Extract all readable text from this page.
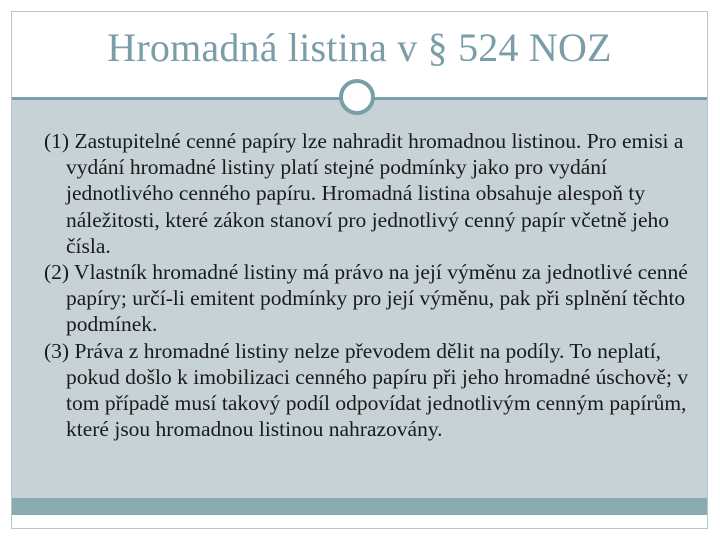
Hromadná listina v § 524 NOZ

(1) Zastupitelné cenné papíry lze nahradit hromadnou listinou. Pro emisi a vydání hromadné listiny platí stejné podmínky jako pro vydání jednotlivého cenného papíru. Hromadná listina obsahuje alespoň ty náležitosti, které zákon stanoví pro jednotlivý cenný papír včetně jeho čísla.

(2) Vlastník hromadné listiny má právo na její výměnu za jednotlivé cenné papíry; určí-li emitent podmínky pro její výměnu, pak při splnění těchto podmínek.

(3) Práva z hromadné listiny nelze převodem dělit na podíly. To neplatí, pokud došlo k imobilizaci cenného papíru při jeho hromadné úschově; v tom případě musí takový podíl odpovídat jednotlivým cenným papírům, které jsou hromadnou listinou nahrazovány.
